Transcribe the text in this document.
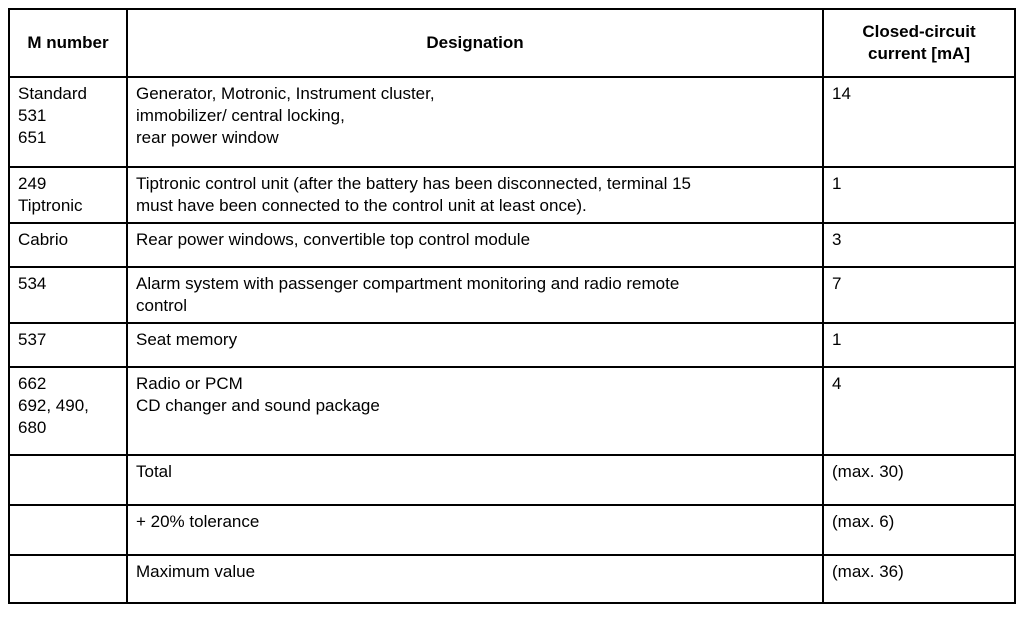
M number	Designation	Closed-circuit
current [mA]

Standard
531
651	Generator, Motronic, Instrument cluster,
immobilizer/ central locking,
rear power window	14

249
Tiptronic	Tiptronic control unit (after the battery has been disconnected, terminal 15
must have been connected to the control unit at least once).	1

Cabrio	Rear power windows, convertible top control module	3

534	Alarm system with passenger compartment monitoring and radio remote
control	7

537	Seat memory	1

662
692, 490,
680	Radio or PCM
CD changer and sound package	4

	Total	(max. 30)

	+ 20% tolerance	(max. 6)

	Maximum value	(max. 36)
